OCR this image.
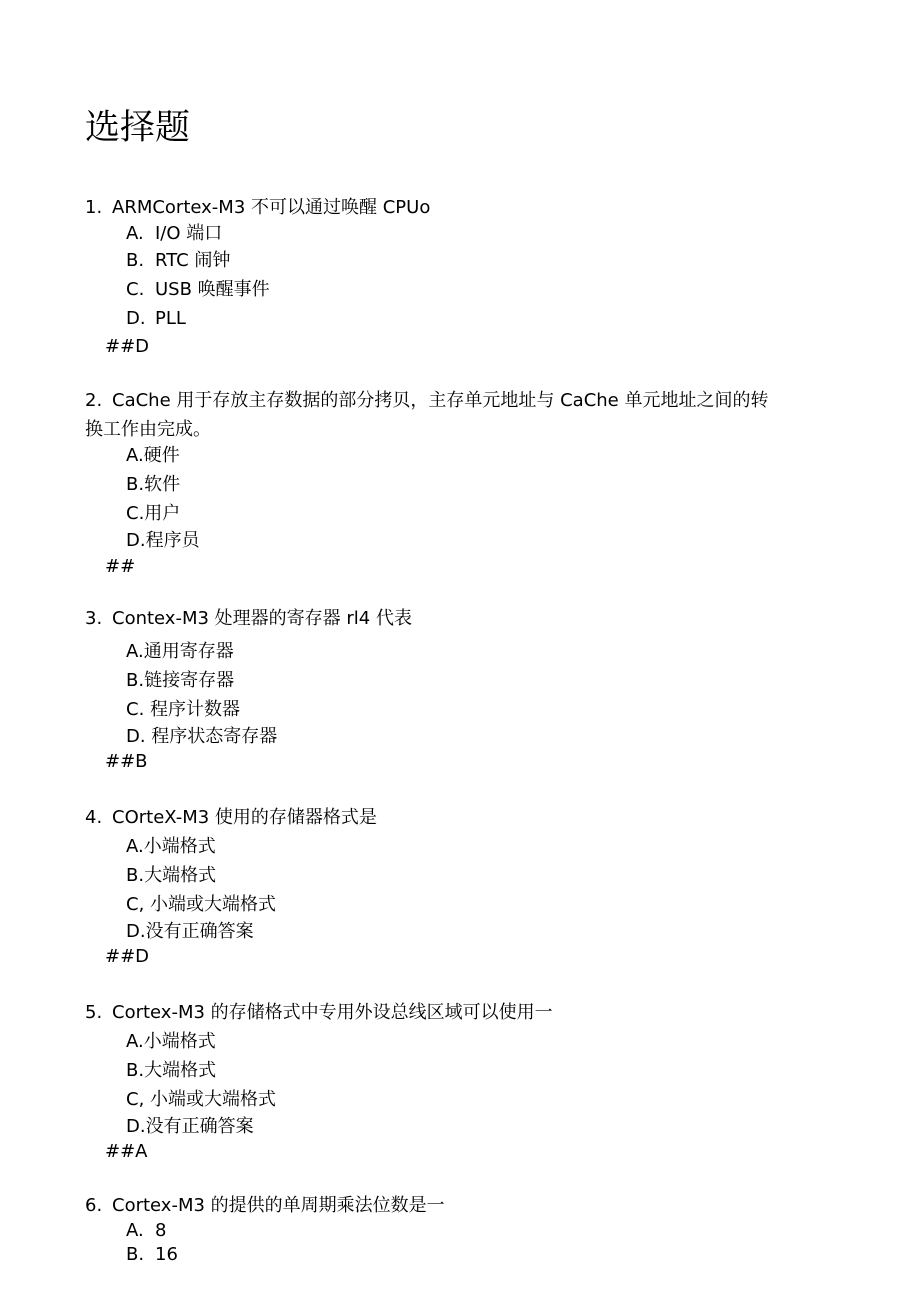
选择题
1. ARMCortex-M3 不可以通过唤醒 CPUo
A. I/O 端口
B. RTC 闹钟
C. USB 唤醒事件
D. PLL
##D
2. CaChe 用于存放主存数据的部分拷贝，主存单元地址与 CaChe 单元地址之间的转
换工作由完成。
A.硬件
B.软件
C.用户
D.程序员
##
3. Contex-M3 处理器的寄存器 rl4 代表
A.通用寄存器
B.链接寄存器
C. 程序计数器
D. 程序状态寄存器
##B
4. COrteX-M3 使用的存储器格式是
A.小端格式
B.大端格式
C, 小端或大端格式
D.没有正确答案
##D
5. Cortex-M3 的存储格式中专用外设总线区域可以使用一
A.小端格式
B.大端格式
C, 小端或大端格式
D.没有正确答案
##A
6. Cortex-M3 的提供的单周期乘法位数是一
A. 8
B. 16
